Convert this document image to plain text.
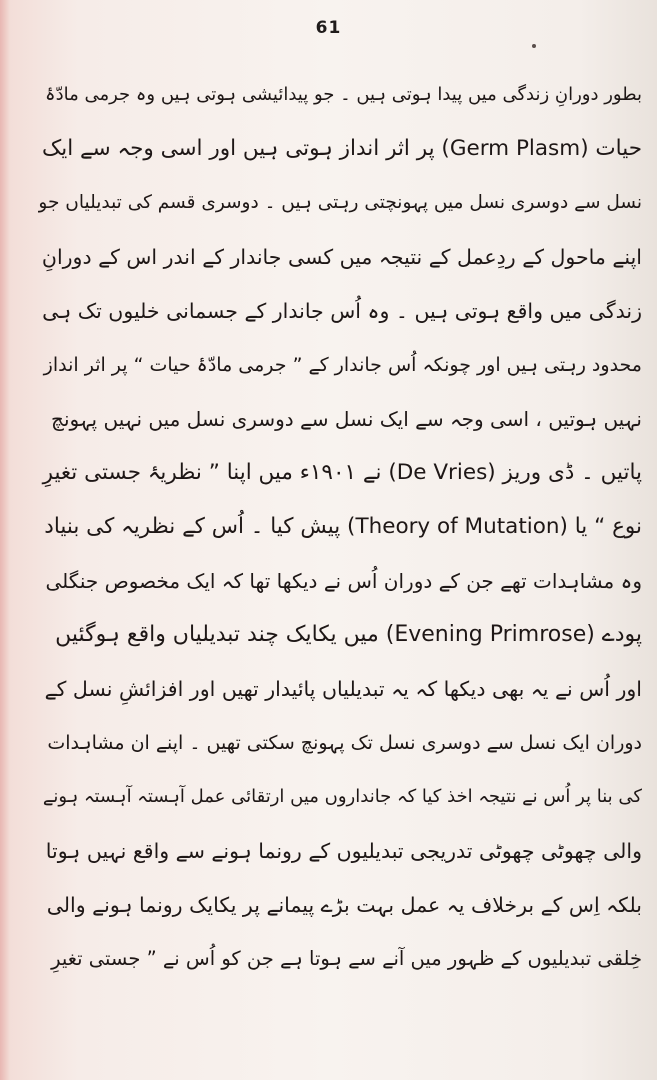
61
بطور دورانِ زندگی میں پیدا ہوتی ہیں ۔ جو پیدائیشی ہوتی ہیں وہ جرمی مادّۂ
حیات (Germ Plasm) پر اثر انداز ہوتی ہیں اور اسی وجہ سے ایک
نسل سے دوسری نسل میں پہونچتی رہتی ہیں ۔ دوسری قسم کی تبدیلیاں جو
اپنے ماحول کے ردِعمل کے نتیجہ میں کسی جاندار کے اندر اس کے دورانِ
زندگی میں واقع ہوتی ہیں ۔ وہ اُس جاندار کے جسمانی خلیوں تک ہی
محدود رہتی ہیں اور چونکہ اُس جاندار کے ” جرمی مادّۂ حیات “ پر اثر انداز
نہیں ہوتیں ، اسی وجہ سے ایک نسل سے دوسری نسل میں نہیں پہونچ
پاتیں ۔ ڈی وریز (De Vries) نے ۱۹۰۱ء میں اپنا ” نظریۂ جستی تغیرِ
نوع “ یا (Theory of Mutation) پیش کیا ۔ اُس کے نظریہ کی بنیاد
وہ مشاہدات تھے جن کے دوران اُس نے دیکھا تھا کہ ایک مخصوص جنگلی
پودے (Evening Primrose) میں یکایک چند تبدیلیاں واقع ہوگئیں
اور اُس نے یہ بھی دیکھا کہ یہ تبدیلیاں پائیدار تھیں اور افزائشِ نسل کے
دوران ایک نسل سے دوسری نسل تک پہونچ سکتی تھیں ۔ اپنے ان مشاہدات
کی بنا پر اُس نے نتیجہ اخذ کیا کہ جانداروں میں ارتقائی عمل آہستہ آہستہ ہونے
والی چھوٹی چھوٹی تدریجی تبدیلیوں کے رونما ہونے سے واقع نہیں ہوتا
بلکہ اِس کے برخلاف یہ عمل بہت بڑے پیمانے پر یکایک رونما ہونے والی
خِلقی تبدیلیوں کے ظہور میں آنے سے ہوتا ہے جن کو اُس نے ” جستی تغیرِ
